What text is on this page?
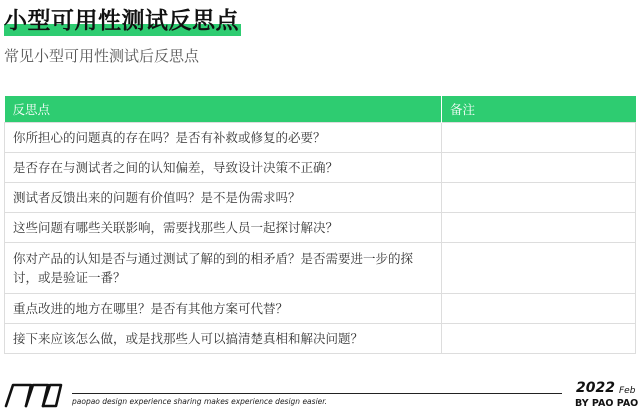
小型可用性测试反思点
常见小型可用性测试后反思点
反思点	备注
你所担心的问题真的存在吗？是否有补救或修复的必要？	
是否存在与测试者之间的认知偏差，导致设计决策不正确？	
测试者反馈出来的问题有价值吗？是不是伪需求吗？	
这些问题有哪些关联影响，需要找那些人员一起探讨解决？	
你对产品的认知是否与通过测试了解的到的相矛盾？是否需要进一步的探讨，或是验证一番？	
重点改进的地方在哪里？是否有其他方案可代替？	
接下来应该怎么做，或是找那些人可以搞清楚真相和解决问题？	
paopao design experience sharing makes experience design easier.
2022 Feb
BY PAO PAO
